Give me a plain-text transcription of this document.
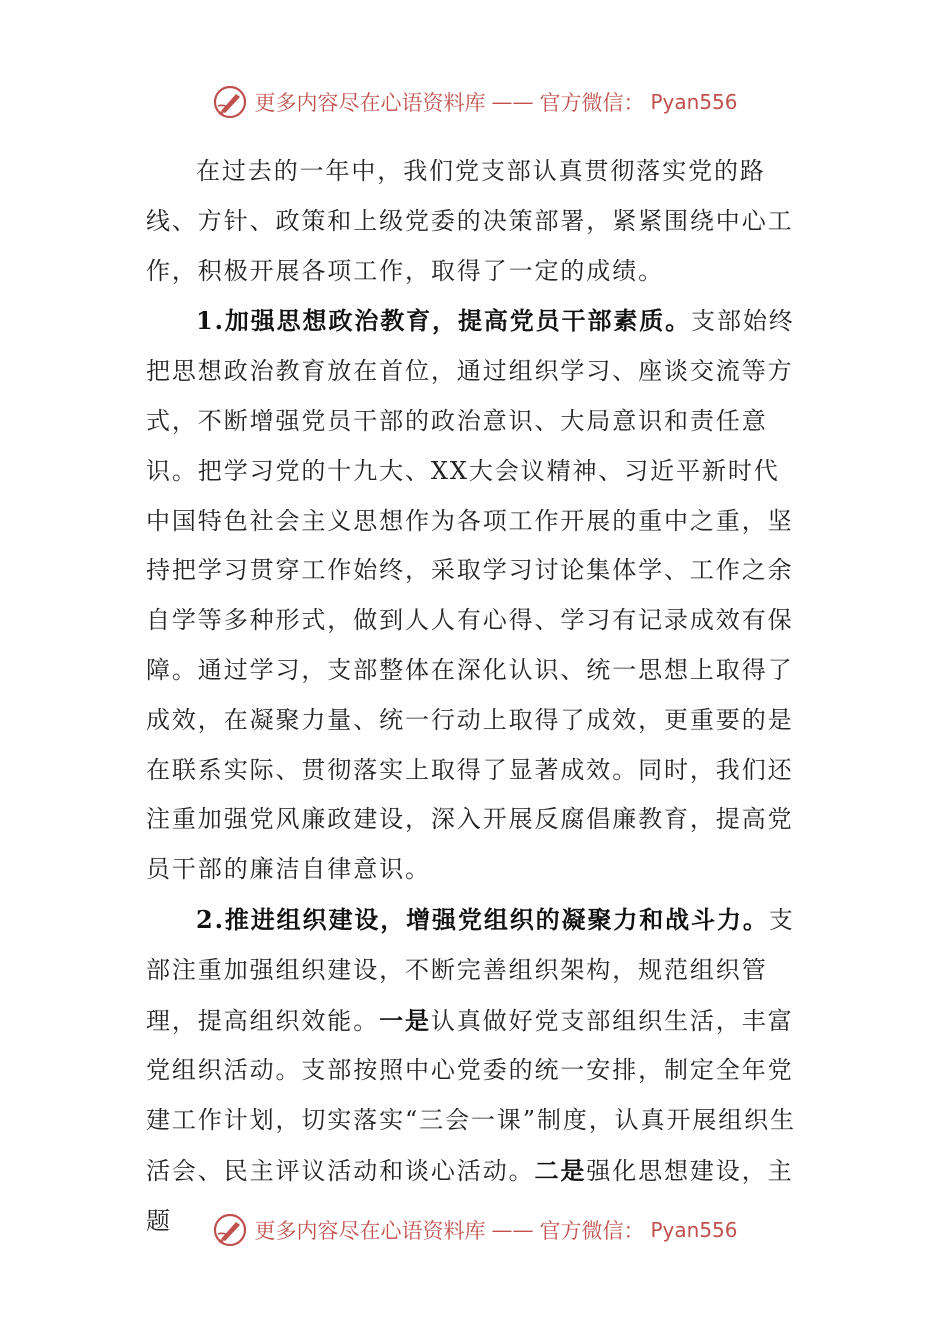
更多内容尽在心语资料库 —— 官方微信： Pyan556

在过去的一年中，我们党支部认真贯彻落实党的路线、方针、政策和上级党委的决策部署，紧紧围绕中心工作，积极开展各项工作，取得了一定的成绩。

1.加强思想政治教育，提高党员干部素质。支部始终把思想政治教育放在首位，通过组织学习、座谈交流等方式，不断增强党员干部的政治意识、大局意识和责任意识。把学习党的十九大、XX大会议精神、习近平新时代中国特色社会主义思想作为各项工作开展的重中之重，坚持把学习贯穿工作始终，采取学习讨论集体学、工作之余自学等多种形式，做到人人有心得、学习有记录成效有保障。通过学习，支部整体在深化认识、统一思想上取得了成效，在凝聚力量、统一行动上取得了成效，更重要的是在联系实际、贯彻落实上取得了显著成效。同时，我们还注重加强党风廉政建设，深入开展反腐倡廉教育，提高党员干部的廉洁自律意识。

2.推进组织建设，增强党组织的凝聚力和战斗力。支部注重加强组织建设，不断完善组织架构，规范组织管理，提高组织效能。一是认真做好党支部组织生活，丰富党组织活动。支部按照中心党委的统一安排，制定全年党建工作计划，切实落实“三会一课”制度，认真开展组织生活会、民主评议活动和谈心活动。二是强化思想建设，主题	更多内容尽在心语资料库 —— 官方微信： Pyan556
